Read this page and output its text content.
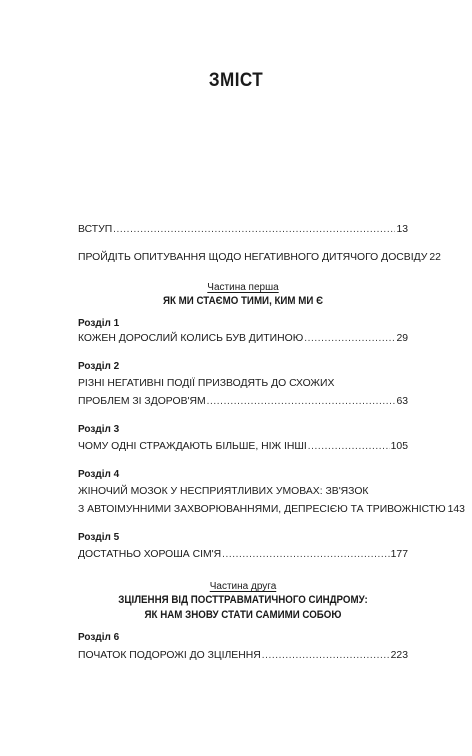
ЗМІСТ
ВСТУП .....	13
ПРОЙДІТЬ ОПИТУВАННЯ ЩОДО НЕГАТИВНОГО ДИТЯЧОГО ДОСВІДУ 22
Частина перша
ЯК МИ СТАЄМО ТИМИ, КИМ МИ Є
Розділ 1
КОЖЕН ДОРОСЛИЙ КОЛИСЬ БУВ ДИТИНОЮ .....	29
Розділ 2
РІЗНІ НЕГАТИВНІ ПОДІЇ ПРИЗВОДЯТЬ ДО СХОЖИХ
ПРОБЛЕМ ЗІ ЗДОРОВ'ЯМ .....	63
Розділ 3
ЧОМУ ОДНІ СТРАЖДАЮТЬ БІЛЬШЕ, НІЖ ІНШІ .....	105
Розділ 4
ЖІНОЧИЙ МОЗОК У НЕСПРИЯТЛИВИХ УМОВАХ: ЗВ'ЯЗОК
З АВТОІМУННИМИ ЗАХВОРЮВАННЯМИ, ДЕПРЕСІЄЮ ТА ТРИВОЖНІСТЮ 143
Розділ 5
ДОСТАТНЬО ХОРОША СІМ'Я .....	177
Частина друга
ЗЦІЛЕННЯ ВІД ПОСТТРАВМАТИЧНОГО СИНДРОМУ:
ЯК НАМ ЗНОВУ СТАТИ САМИМИ СОБОЮ
Розділ 6
ПОЧАТОК ПОДОРОЖІ ДО ЗЦІЛЕННЯ .....	223
